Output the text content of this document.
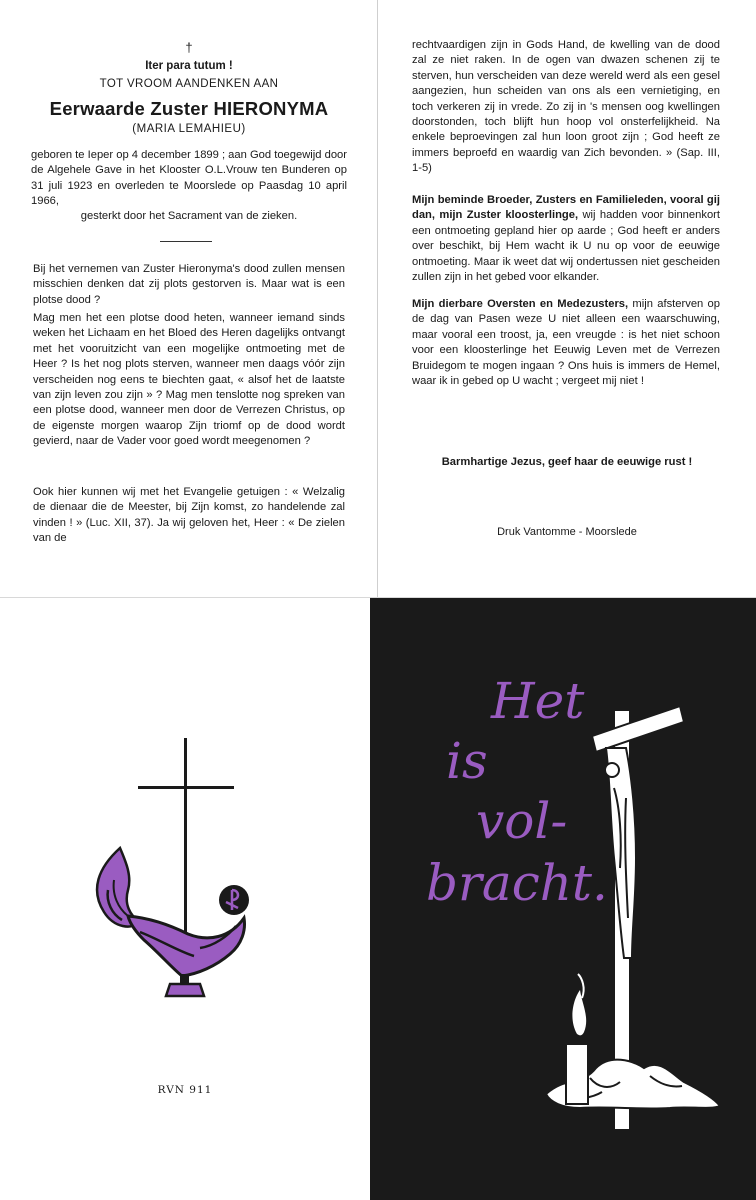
†
Iter para tutum !
TOT VROOM AANDENKEN AAN
Eerwaarde Zuster HIERONYMA
(MARIA LEMAHIEU)

geboren te Ieper op 4 december 1899 ; aan God toegewijd door de Algehele Gave in het Klooster O.L.Vrouw ten Bunderen op 31 juli 1923 en overleden te Moorslede op Paasdag 10 april 1966,

gesterkt door het Sacrament van de zieken.

Bij het vernemen van Zuster Hieronyma's dood zullen mensen misschien denken dat zij plots gestorven is. Maar wat is een plotse dood ?

Mag men het een plotse dood heten, wanneer iemand sinds weken het Lichaam en het Bloed des Heren dagelijks ontvangt met het vooruitzicht van een mogelijke ontmoeting met de Heer ? Is het nog plots sterven, wanneer men daags vóór zijn verscheiden nog eens te biechten gaat, « alsof het de laatste van zijn leven zou zijn » ? Mag men tenslotte nog spreken van een plotse dood, wanneer men door de Verrezen Christus, op de eigenste morgen waarop Zijn triomf op de dood wordt gevierd, naar de Vader voor goed wordt meegenomen ?

Ook hier kunnen wij met het Evangelie getuigen : « Welzalig de dienaar die de Meester, bij Zijn komst, zo handelende zal vinden ! » (Luc. XII, 37). Ja wij geloven het, Heer : « De zielen van de

rechtvaardigen zijn in Gods Hand, de kwelling van de dood zal ze niet raken. In de ogen van dwazen schenen zij te sterven, hun verscheiden van deze wereld werd als een gesel aangezien, hun scheiden van ons als een vernietiging, en toch verkeren zij in vrede. Zo zij in 's mensen oog kwellingen doorstonden, toch blijft hun hoop vol onsterfelijkheid. Na enkele beproevingen zal hun loon groot zijn ; God heeft ze immers beproefd en waardig van Zich bevonden. » (Sap. III, 1-5)

Mijn beminde Broeder, Zusters en Familieleden, vooral gij dan, mijn Zuster kloosterlinge, wij hadden voor binnenkort een ontmoeting gepland hier op aarde ; God heeft er anders over beschikt, bij Hem wacht ik U nu op voor de eeuwige ontmoeting. Maar ik weet dat wij ondertussen niet gescheiden zullen zijn in het gebed voor elkander.

Mijn dierbare Oversten en Medezusters, mijn afsterven op de dag van Pasen weze U niet alleen een waarschuwing, maar vooral een troost, ja, een vreugde : is het niet schoon voor een kloosterlinge het Eeuwig Leven met de Verrezen Bruidegom te mogen ingaan ? Ons huis is immers de Hemel, waar ik in gebed op U wacht ; vergeet mij niet !

Barmhartige Jezus, geef haar de eeuwige rust !
Druk Vantomme - Moorslede
RVN 911
Het
is
vol-
bracht.
